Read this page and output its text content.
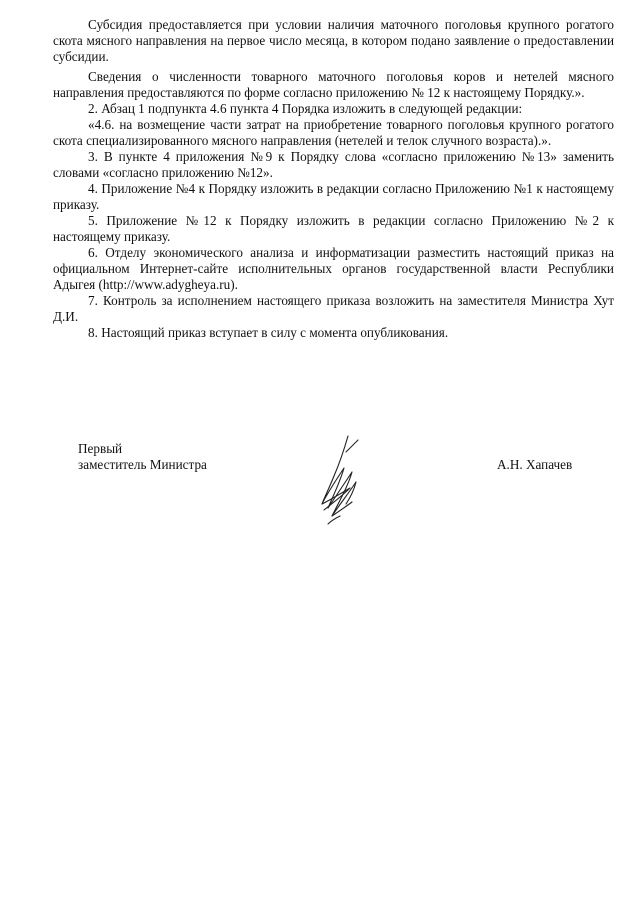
Субсидия предоставляется при условии наличия маточного поголовья крупного рогатого скота мясного направления на первое число месяца, в котором подано заявление о предоставлении субсидии.

Сведения о численности товарного маточного поголовья коров и нетелей мясного направления предоставляются по форме согласно приложению № 12 к настоящему Порядку.».

2. Абзац 1 подпункта 4.6 пункта 4 Порядка изложить в следующей редакции:

«4.6. на возмещение части затрат на приобретение товарного поголовья крупного рогатого скота специализированного мясного направления (нетелей и телок случного возраста).».

3. В пункте 4 приложения №9 к Порядку слова «согласно приложению №13» заменить словами «согласно приложению №12».

4. Приложение №4 к Порядку изложить в редакции согласно Приложению №1 к настоящему приказу.

5. Приложение №12 к Порядку изложить в редакции согласно Приложению №2 к настоящему приказу.

6. Отделу экономического анализа и информатизации разместить настоящий приказ на официальном Интернет-сайте исполнительных органов государственной власти Республики Адыгея (http://www.adygheya.ru).

7. Контроль за исполнением настоящего приказа возложить на заместителя Министра Хут Д.И.

8. Настоящий приказ вступает в силу с момента опубликования.

Первый
заместитель Министра	А.Н. Хапачев
